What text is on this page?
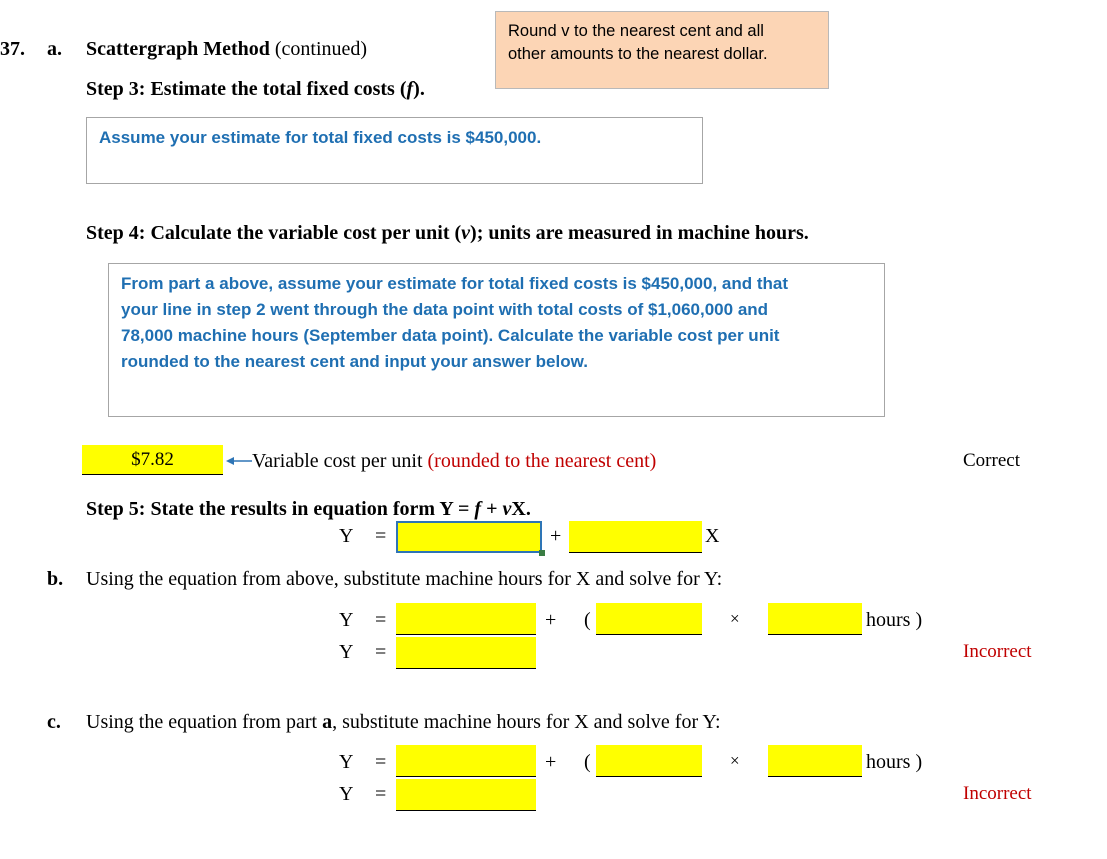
37. a. Scattergraph Method (continued)
Round v to the nearest cent and all
other amounts to the nearest dollar.
Step 3: Estimate the total fixed costs (f).
Assume your estimate for total fixed costs is $450,000.
Step 4: Calculate the variable cost per unit (v); units are measured in machine hours.
From part a above, assume your estimate for total fixed costs is $450,000, and that
your line in step 2 went through the data point with total costs of $1,060,000 and
78,000 machine hours (September data point). Calculate the variable cost per unit
rounded to the nearest cent and input your answer below.
$7.82	Variable cost per unit (rounded to the nearest cent)	Correct
Step 5: State the results in equation form Y = f + vX.
Y =	+	X
b. Using the equation from above, substitute machine hours for X and solve for Y:
Y =	+ (	×	hours )
Y =	Incorrect
c. Using the equation from part a, substitute machine hours for X and solve for Y:
Y =	+ (	×	hours )
Y =	Incorrect
